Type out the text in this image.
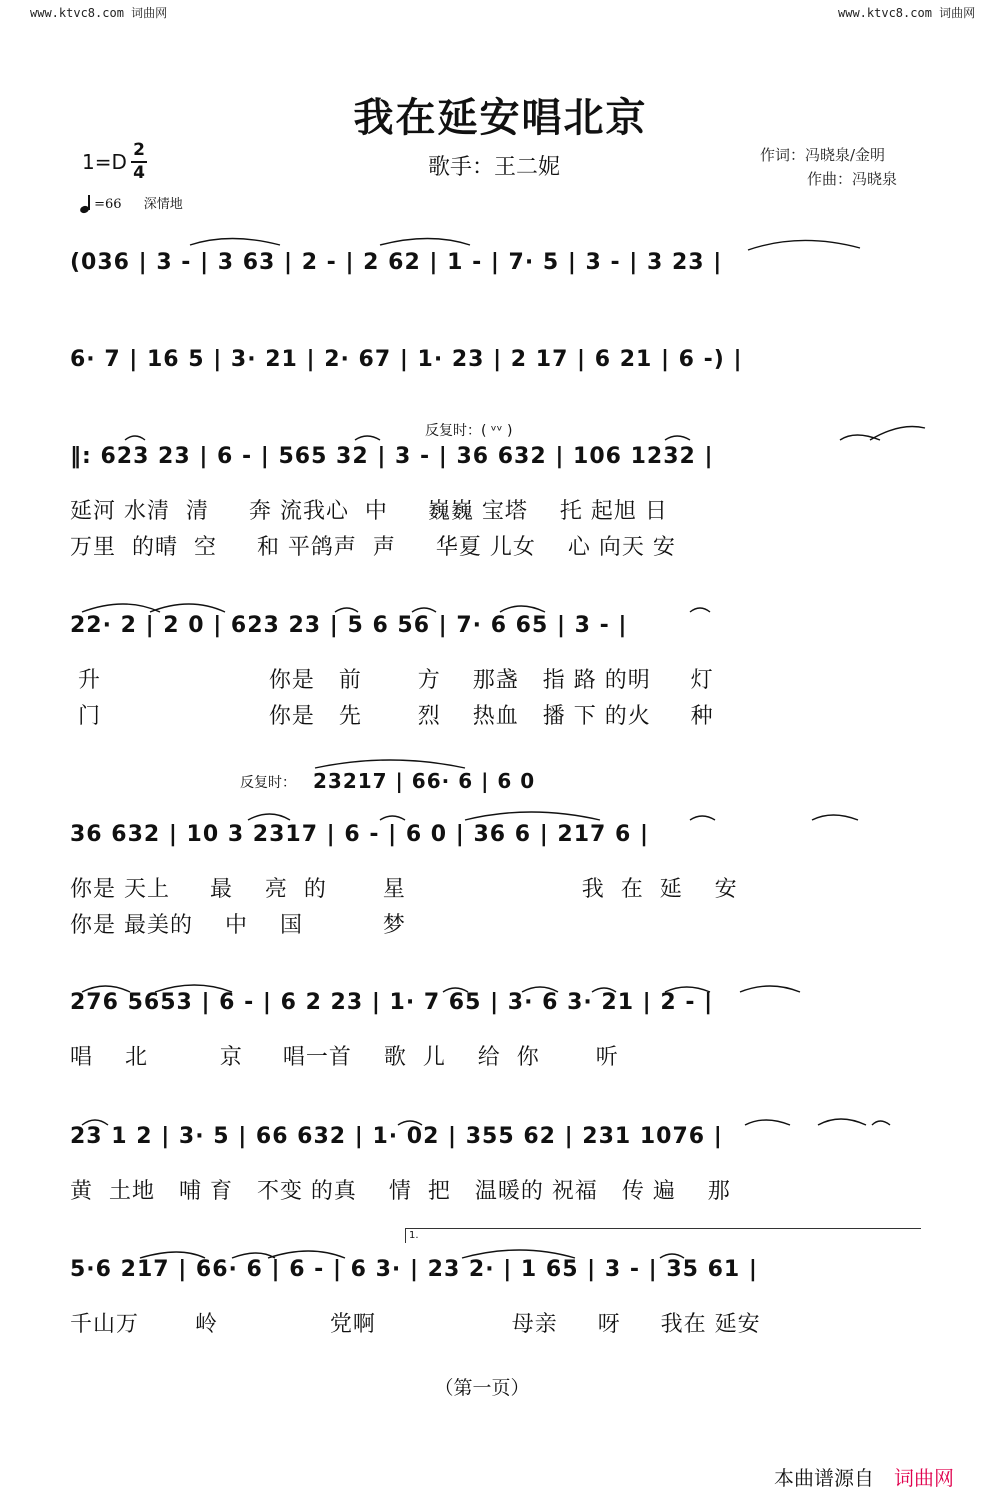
www.ktvc8.com 词曲网	www.ktvc8.com 词曲网
我在延安唱北京
$1=D \frac{2}{4}$	歌手：王二妮	作词：冯晓泉/金明
作曲：冯晓泉
=66 深情地
(036 | 3 - | 3 63 | 2 - | 2 62 | 1 - | 7· 5 | 3 - | 3 23 |
6· 7 | 16 5 | 3· 21 | 2· 67 | 1· 23 | 2 17 | 6 21 | 6 -) |
反复时：( ᵛᵛ )
‖: 623 23 | 6 - | 565 32 | 3 - | 36 632 | 106 1232 |
延河 水清  清     奔 流我心  中     巍巍 宝塔    托 起旭 日
万里  的晴  空     和 平鸽声  声     华夏 儿女    心 向天 安
22· 2 | 2 0 | 623 23 | 5 6 56 | 7· 6 65 | 3 - |
升                     你是   前       方    那盏   指 路 的明     灯
门                     你是   先       烈    热血   播 下 的火     种
反复时： 23217 | 66· 6 | 6 0
36 632 | 10 3 2317 | 6 - | 6 0 | 36 6 | 217 6 |
你是 天上     最    亮  的       星                      我  在  延    安
你是 最美的    中    国          梦
276 5653 | 6 - | 6 2 23 | 1· 7 65 | 3· 6 3· 21 | 2 - |
唱    北         京     唱一首    歌  儿    给  你       听
23 1 2 | 3· 5 | 66 632 | 1· 02 | 355 62 | 231 1076 |
黄  土地   哺 育   不变 的真    情  把   温暖的 祝福   传 遍    那
1.
5·6 217 | 66· 6 | 6 - | 6 3· | 23 2· | 1 65 | 3 - | 35 61 |
千山万       岭              党啊                 母亲     呀     我在 延安
（第一页）
本曲谱源自 词曲网
